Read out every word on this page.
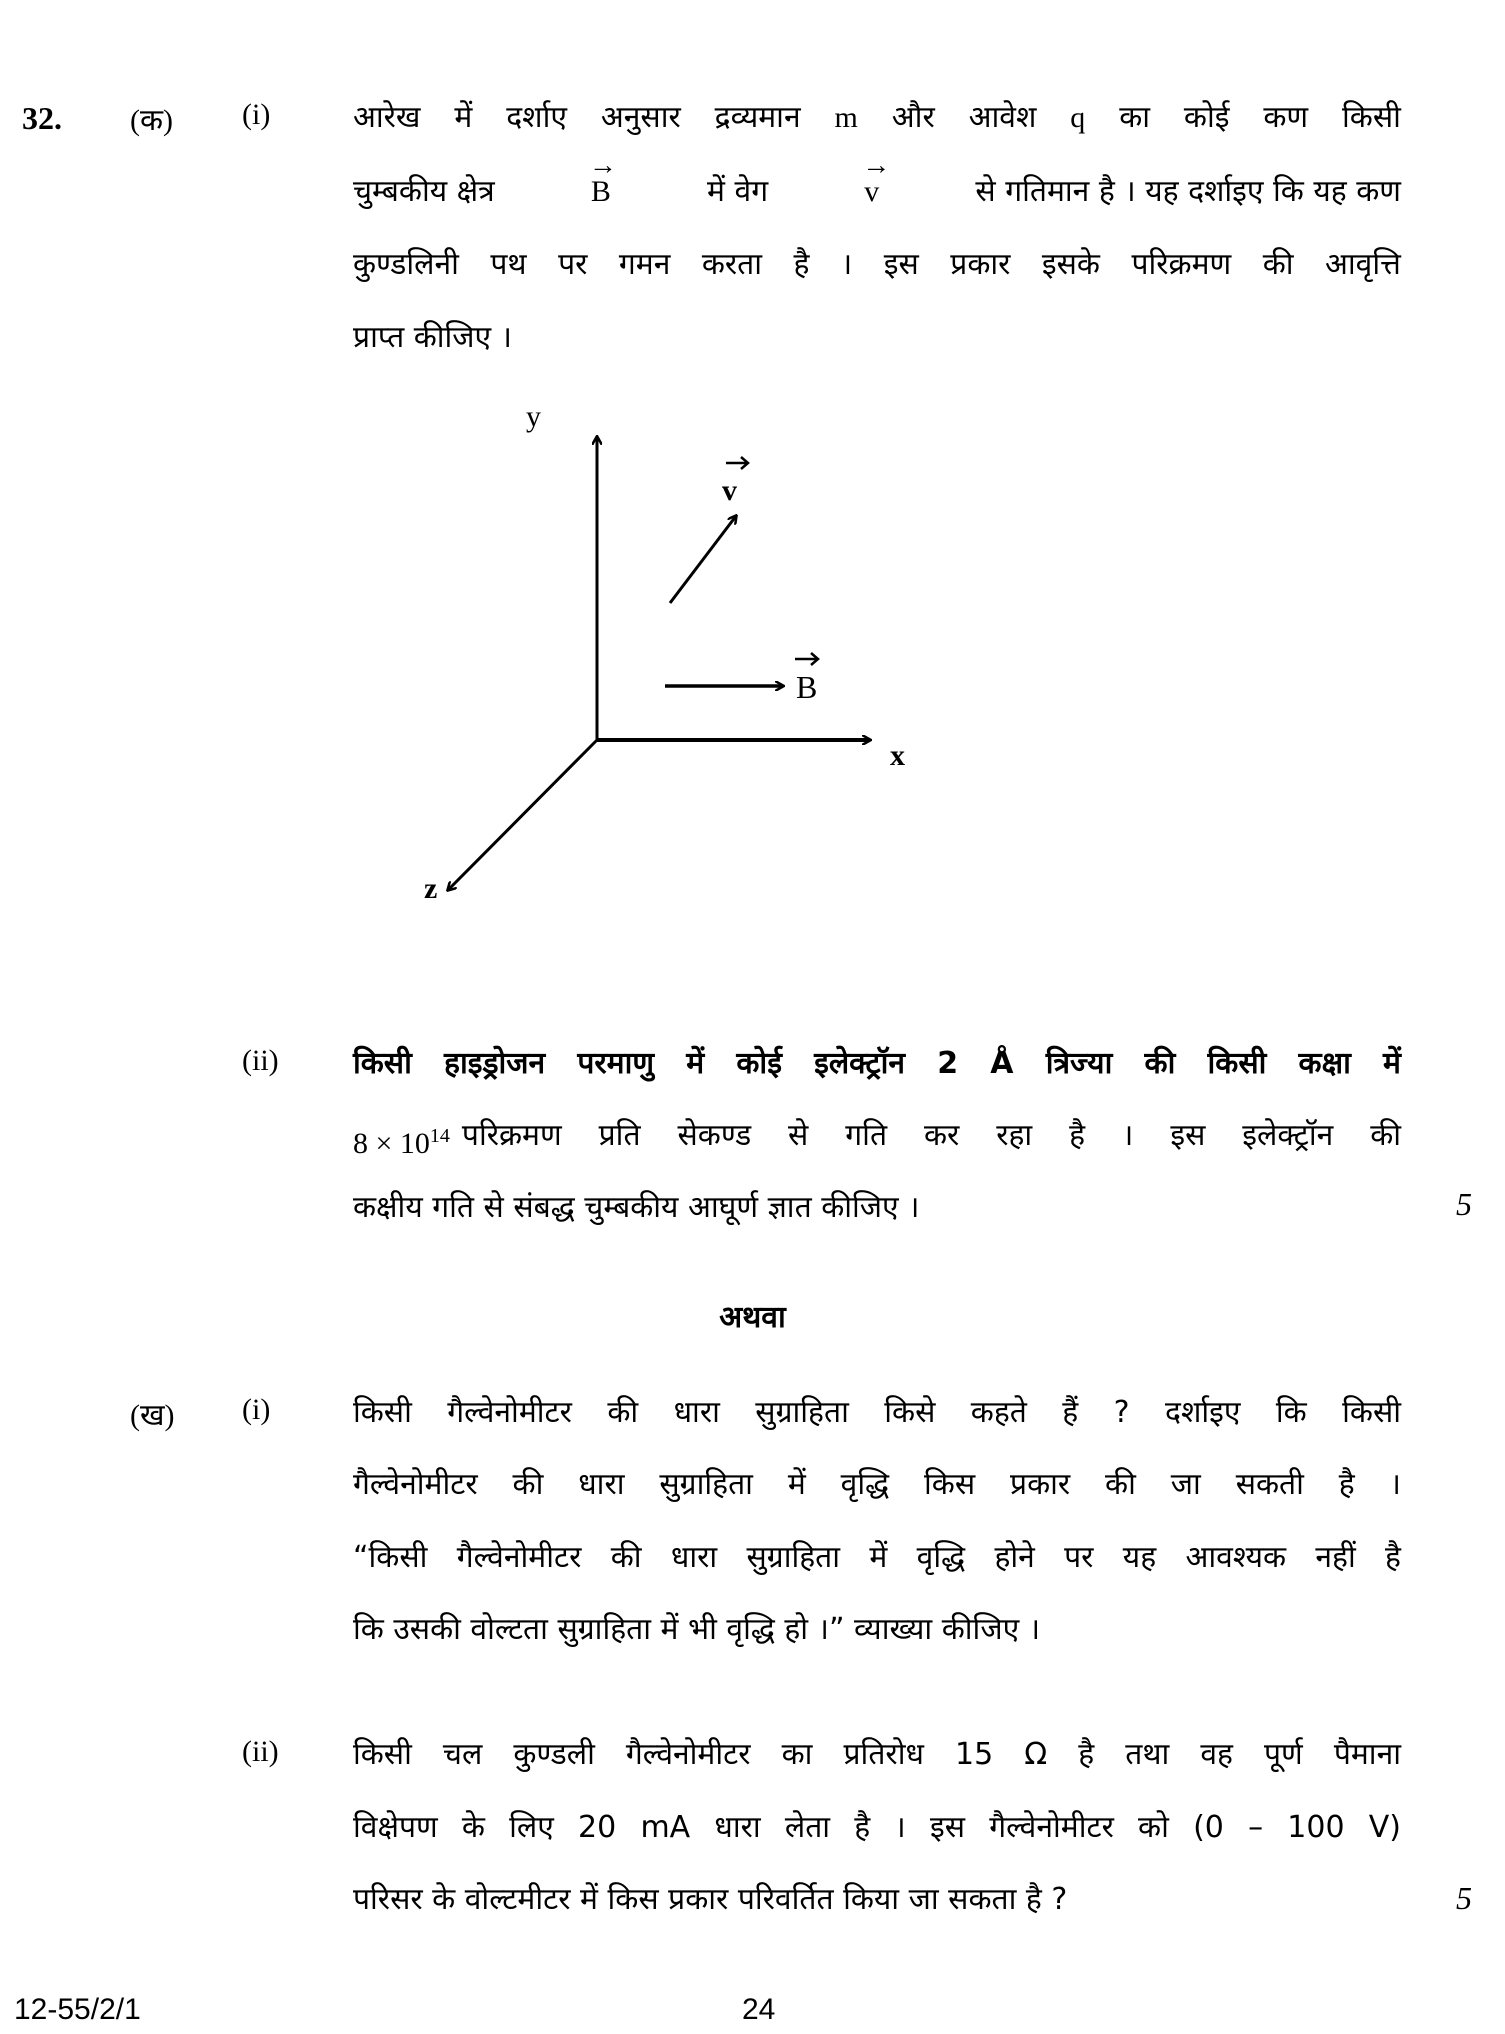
32. (क) (i)	आरेख में दर्शाए अनुसार द्रव्यमान m और आवेश q का कोई कण किसी
चुम्बकीय क्षेत्र	→ B	में वेग	→ v	से गतिमान है । यह दर्शाइए कि यह कण
कुण्डलिनी पथ पर गमन करता है । इस प्रकार इसके परिक्रमण की आवृत्ति
प्राप्त कीजिए ।
y
x
z
v
B
(ii) किसी हाइड्रोजन परमाणु में कोई इलेक्ट्रॉन 2 Å त्रिज्या की किसी कक्षा में
$8 \times 10^{14}$ परिक्रमण प्रति सेकण्ड से गति कर रहा है । इस इलेक्ट्रॉन की
कक्षीय गति से संबद्ध चुम्बकीय आघूर्ण ज्ञात कीजिए ।	5
अथवा
(ख) (i)	किसी गैल्वेनोमीटर की धारा सुग्राहिता किसे कहते हैं ? दर्शाइए कि किसी
गैल्वेनोमीटर की धारा सुग्राहिता में वृद्धि किस प्रकार की जा सकती है ।
“किसी गैल्वेनोमीटर की धारा सुग्राहिता में वृद्धि होने पर यह आवश्यक नहीं है
कि उसकी वोल्टता सुग्राहिता में भी वृद्धि हो ।” व्याख्या कीजिए ।
(ii) किसी चल कुण्डली गैल्वेनोमीटर का प्रतिरोध 15 Ω है तथा वह पूर्ण पैमाना
विक्षेपण के लिए 20 mA धारा लेता है । इस गैल्वेनोमीटर को (0 – 100 V)
परिसर के वोल्टमीटर में किस प्रकार परिवर्तित किया जा सकता है ?	5
12-55/2/1	24
